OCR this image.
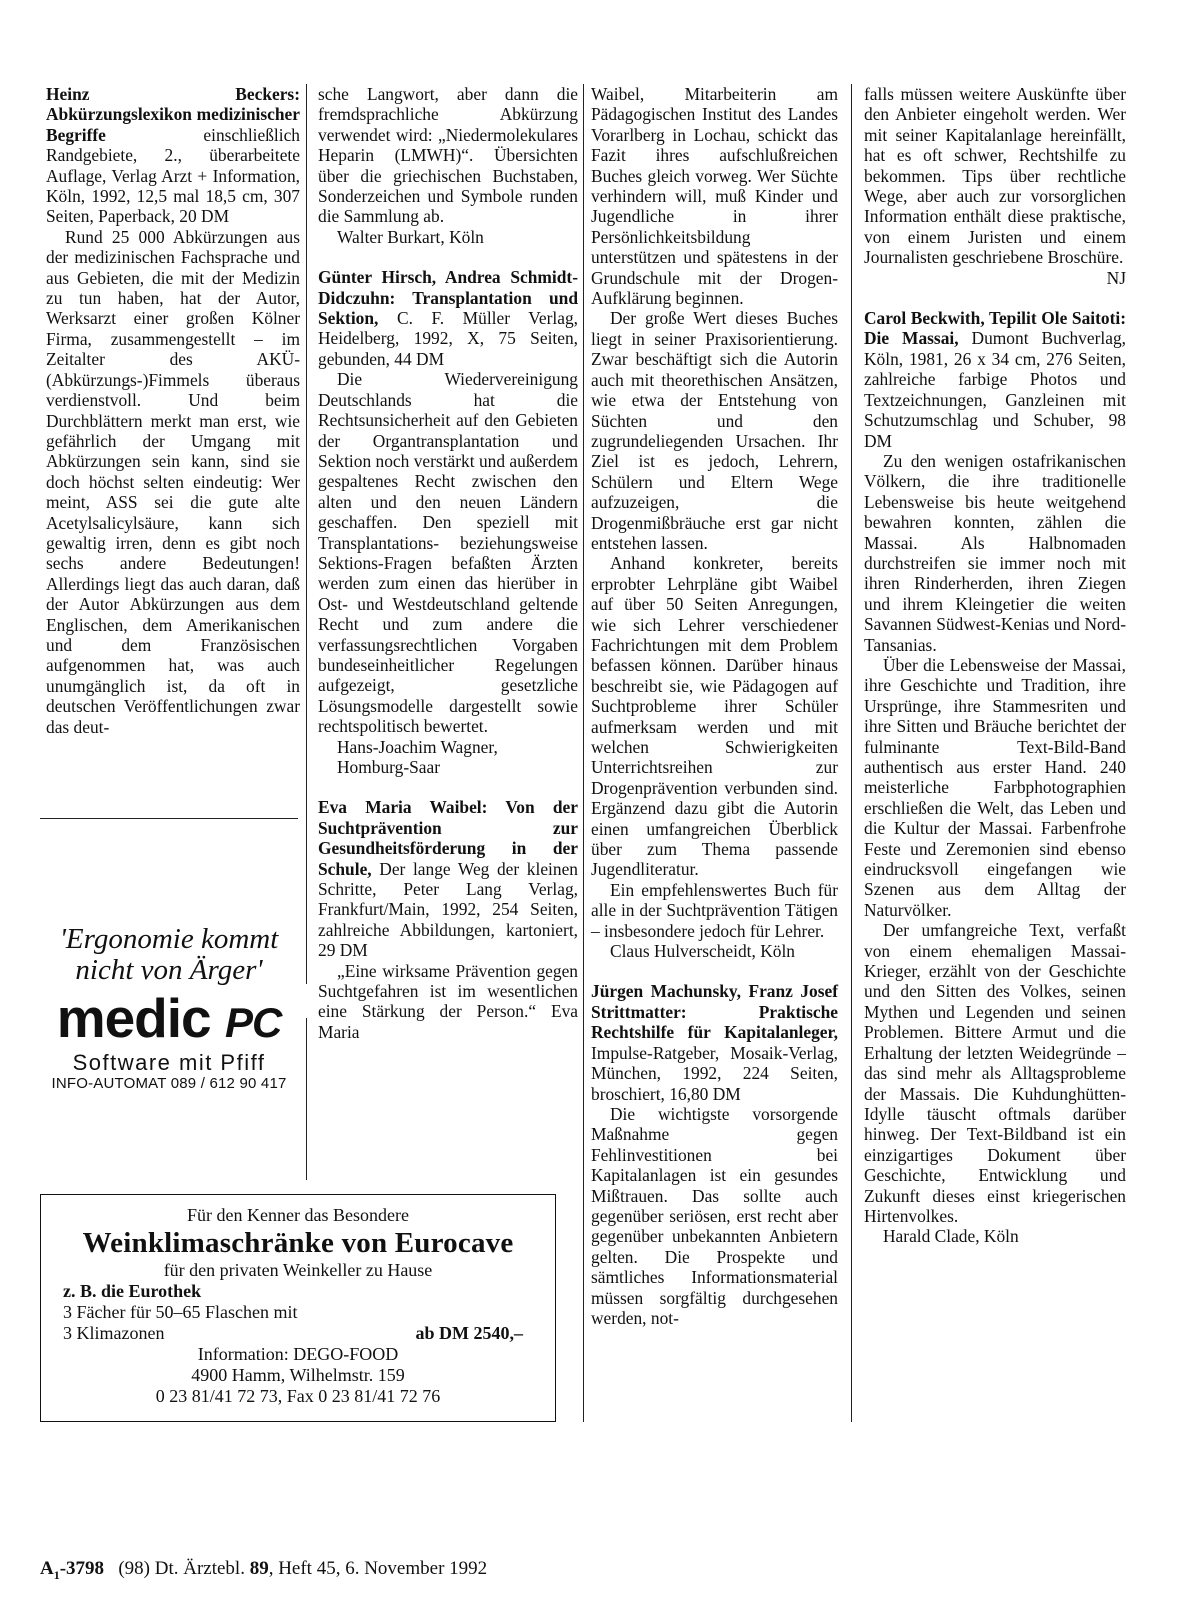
Heinz Beckers: Abkürzungslexikon medizinischer Begriffe einschließlich Randgebiete, 2., überarbeitete Auflage, Verlag Arzt + Information, Köln, 1992, 12,5 mal 18,5 cm, 307 Seiten, Paperback, 20 DM

Rund 25 000 Abkürzungen aus der medizinischen Fachsprache und aus Gebieten, die mit der Medizin zu tun haben, hat der Autor, Werksarzt einer großen Kölner Firma, zusammengestellt – im Zeitalter des AKÜ-(Abkürzungs-)Fimmels überaus verdienstvoll. Und beim Durchblättern merkt man erst, wie gefährlich der Umgang mit Abkürzungen sein kann, sind sie doch höchst selten eindeutig: Wer meint, ASS sei die gute alte Acetylsalicylsäure, kann sich gewaltig irren, denn es gibt noch sechs andere Bedeutungen! Allerdings liegt das auch daran, daß der Autor Abkürzungen aus dem Englischen, dem Amerikanischen und dem Französischen aufgenommen hat, was auch unumgänglich ist, da oft in deutschen Veröffentlichungen zwar das deut-

'Ergonomie kommt
nicht von Ärger'
medic PC
Software mit Pfiff
INFO-AUTOMAT 089 / 612 90 417

sche Langwort, aber dann die fremdsprachliche Abkürzung verwendet wird: „Niedermolekulares Heparin (LMWH)“. Übersichten über die griechischen Buchstaben, Sonderzeichen und Symbole runden die Sammlung ab.

Walter Burkart, Köln

Günter Hirsch, Andrea Schmidt-Didczuhn: Transplantation und Sektion, C. F. Müller Verlag, Heidelberg, 1992, X, 75 Seiten, gebunden, 44 DM

Die Wiedervereinigung Deutschlands hat die Rechtsunsicherheit auf den Gebieten der Organtransplantation und Sektion noch verstärkt und außerdem gespaltenes Recht zwischen den alten und den neuen Ländern geschaffen. Den speziell mit Transplantations- beziehungsweise Sektions-Fragen befaßten Ärzten werden zum einen das hierüber in Ost- und Westdeutschland geltende Recht und zum andere die verfassungsrechtlichen Vorgaben bundeseinheitlicher Regelungen aufgezeigt, gesetzliche Lösungsmodelle dargestellt sowie rechtspolitisch bewertet.

Hans-Joachim Wagner,

Homburg-Saar

Eva Maria Waibel: Von der Suchtprävention zur Gesundheitsförderung in der Schule, Der lange Weg der kleinen Schritte, Peter Lang Verlag, Frankfurt/Main, 1992, 254 Seiten, zahlreiche Abbildungen, kartoniert, 29 DM

„Eine wirksame Prävention gegen Suchtgefahren ist im wesentlichen eine Stärkung der Person.“ Eva Maria

Waibel, Mitarbeiterin am Pädagogischen Institut des Landes Vorarlberg in Lochau, schickt das Fazit ihres aufschlußreichen Buches gleich vorweg. Wer Süchte verhindern will, muß Kinder und Jugendliche in ihrer Persönlichkeitsbildung unterstützen und spätestens in der Grundschule mit der Drogen-Aufklärung beginnen.

Der große Wert dieses Buches liegt in seiner Praxisorientierung. Zwar beschäftigt sich die Autorin auch mit theorethischen Ansätzen, wie etwa der Entstehung von Süchten und den zugrundeliegenden Ursachen. Ihr Ziel ist es jedoch, Lehrern, Schülern und Eltern Wege aufzuzeigen, die Drogenmißbräuche erst gar nicht entstehen lassen.

Anhand konkreter, bereits erprobter Lehrpläne gibt Waibel auf über 50 Seiten Anregungen, wie sich Lehrer verschiedener Fachrichtungen mit dem Problem befassen können. Darüber hinaus beschreibt sie, wie Pädagogen auf Suchtprobleme ihrer Schüler aufmerksam werden und mit welchen Schwierigkeiten Unterrichtsreihen zur Drogenprävention verbunden sind. Ergänzend dazu gibt die Autorin einen umfangreichen Überblick über zum Thema passende Jugendliteratur.

Ein empfehlenswertes Buch für alle in der Suchtprävention Tätigen – insbesondere jedoch für Lehrer.

Claus Hulverscheidt, Köln

Jürgen Machunsky, Franz Josef Strittmatter: Praktische Rechtshilfe für Kapitalanleger, Impulse-Ratgeber, Mosaik-Verlag, München, 1992, 224 Seiten, broschiert, 16,80 DM

Die wichtigste vorsorgende Maßnahme gegen Fehlinvestitionen bei Kapitalanlagen ist ein gesundes Mißtrauen. Das sollte auch gegenüber seriösen, erst recht aber gegenüber unbekannten Anbietern gelten. Die Prospekte und sämtliches Informationsmaterial müssen sorgfältig durchgesehen werden, not-

falls müssen weitere Auskünfte über den Anbieter eingeholt werden. Wer mit seiner Kapitalanlage hereinfällt, hat es oft schwer, Rechtshilfe zu bekommen. Tips über rechtliche Wege, aber auch zur vorsorglichen Information enthält diese praktische, von einem Juristen und einem Journalisten geschriebene Broschüre.
NJ

Carol Beckwith, Tepilit Ole Saitoti: Die Massai, Dumont Buchverlag, Köln, 1981, 26 x 34 cm, 276 Seiten, zahlreiche farbige Photos und Textzeichnungen, Ganzleinen mit Schutzumschlag und Schuber, 98 DM

Zu den wenigen ostafrikanischen Völkern, die ihre traditionelle Lebensweise bis heute weitgehend bewahren konnten, zählen die Massai. Als Halbnomaden durchstreifen sie immer noch mit ihren Rinderherden, ihren Ziegen und ihrem Kleingetier die weiten Savannen Südwest-Kenias und Nord-Tansanias.

Über die Lebensweise der Massai, ihre Geschichte und Tradition, ihre Ursprünge, ihre Stammesriten und ihre Sitten und Bräuche berichtet der fulminante Text-Bild-Band authentisch aus erster Hand. 240 meisterliche Farbphotographien erschließen die Welt, das Leben und die Kultur der Massai. Farbenfrohe Feste und Zeremonien sind ebenso eindrucksvoll eingefangen wie Szenen aus dem Alltag der Naturvölker.

Der umfangreiche Text, verfaßt von einem ehemaligen Massai-Krieger, erzählt von der Geschichte und den Sitten des Volkes, seinen Mythen und Legenden und seinen Problemen. Bittere Armut und die Erhaltung der letzten Weidegründe – das sind mehr als Alltagsprobleme der Massais. Die Kuhdunghütten-Idylle täuscht oftmals darüber hinweg. Der Text-Bildband ist ein einzigartiges Dokument über Geschichte, Entwicklung und Zukunft dieses einst kriegerischen Hirtenvolkes.

Harald Clade, Köln

Für den Kenner das Besondere
Weinklimaschränke von Eurocave
für den privaten Weinkeller zu Hause
z. B. die Eurothek
3 Fächer für 50–65 Flaschen mit
3 Klimazonen	ab DM 2540,–
Information: DEGO-FOOD
4900 Hamm, Wilhelmstr. 159
0 23 81/41 72 73, Fax 0 23 81/41 72 76
$A_1-3798$ (98) Dt. Ärztebl. 89, Heft 45, 6. November 1992
